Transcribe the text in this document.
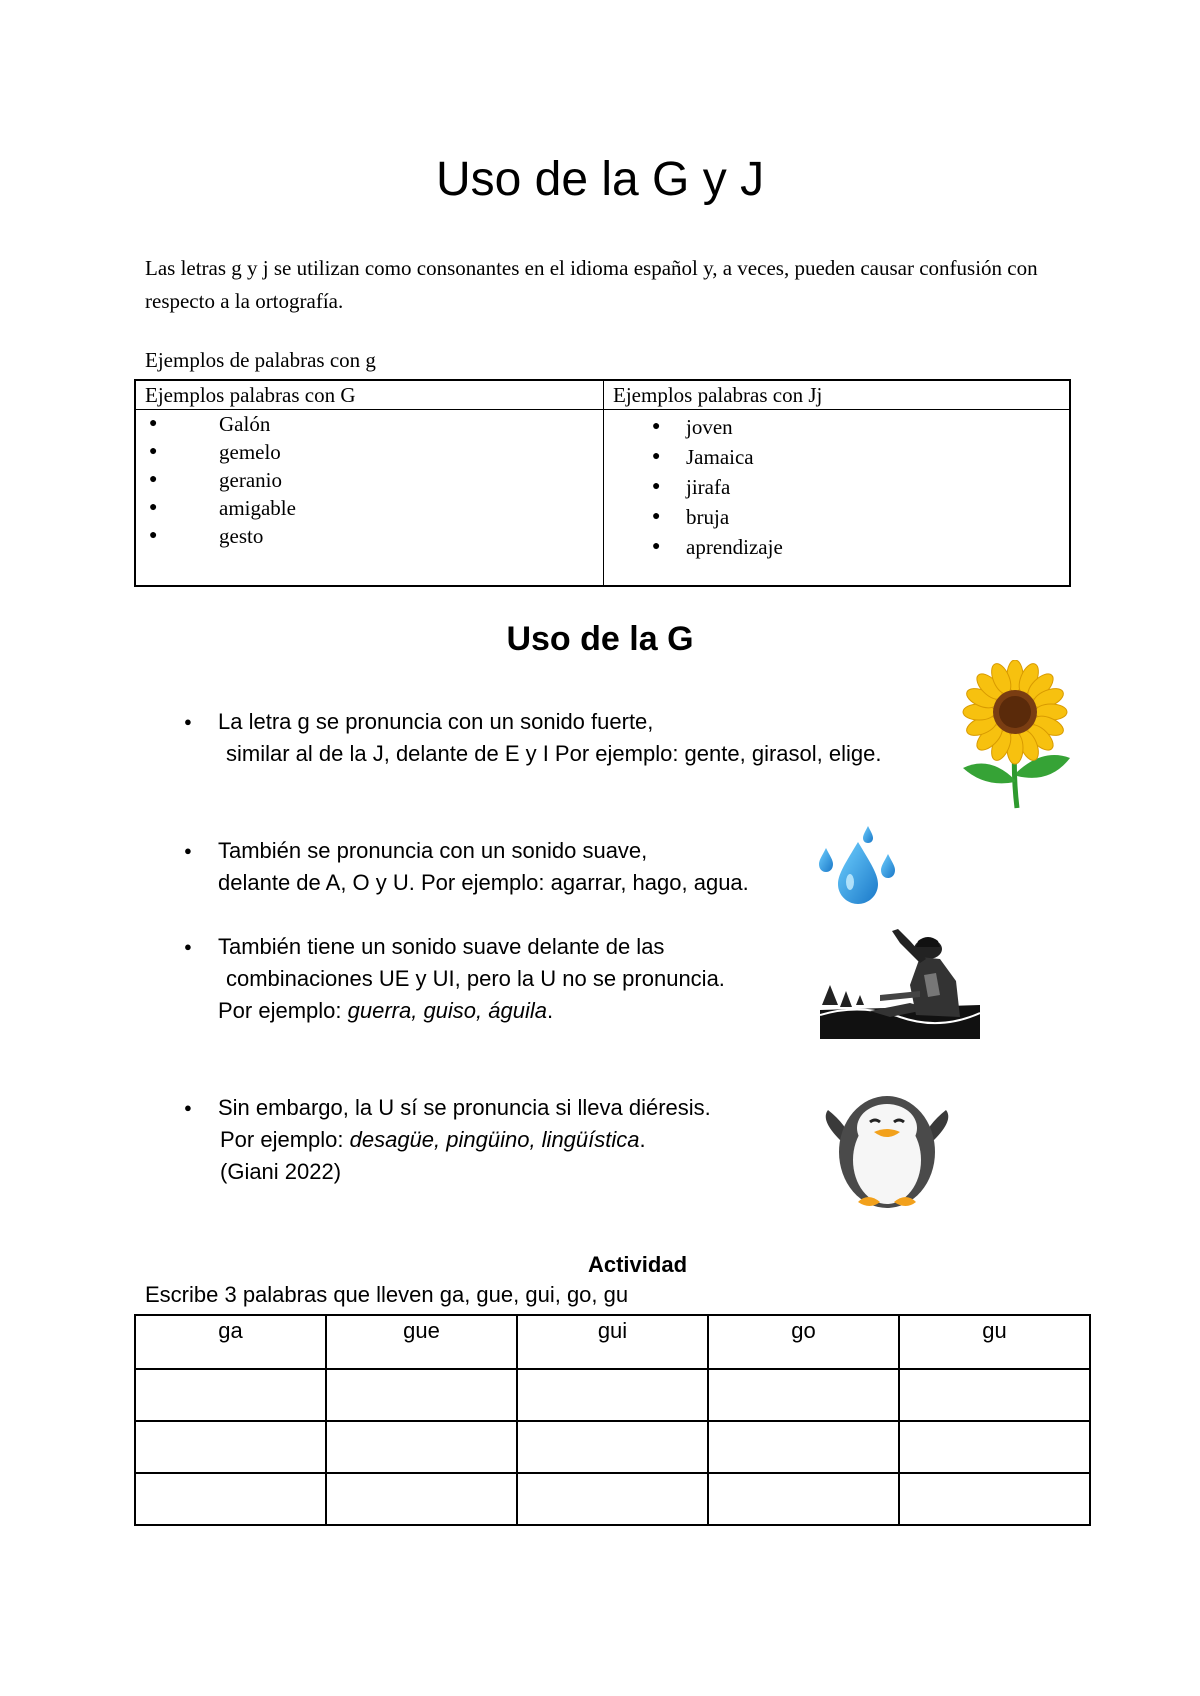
Uso de la G y J
Las letras g y j se utilizan como consonantes en el idioma español y, a veces, pueden causar confusión con respecto a la ortografía.
Ejemplos de palabras con g
Ejemplos palabras con G
● Galón
● gemelo
● geranio
● amigable
● gesto
Ejemplos palabras con Jj
● joven
● Jamaica
● jirafa
● bruja
● aprendizaje
Uso de la G
● La letra g se pronuncia con un sonido fuerte,
similar al de la J, delante de E y I Por ejemplo: gente, girasol, elige.
● También se pronuncia con un sonido suave,
delante de A, O y U. Por ejemplo: agarrar, hago, agua.
● También tiene un sonido suave delante de las
combinaciones UE y UI, pero la U no se pronuncia.
Por ejemplo: guerra, guiso, águila.
● Sin embargo, la U sí se pronuncia si lleva diéresis.
Por ejemplo: desagüe, pingüino, lingüística.
(Giani 2022)
Actividad
Escribe 3 palabras que lleven ga, gue, gui, go, gu
ga	gue	gui	go	gu
